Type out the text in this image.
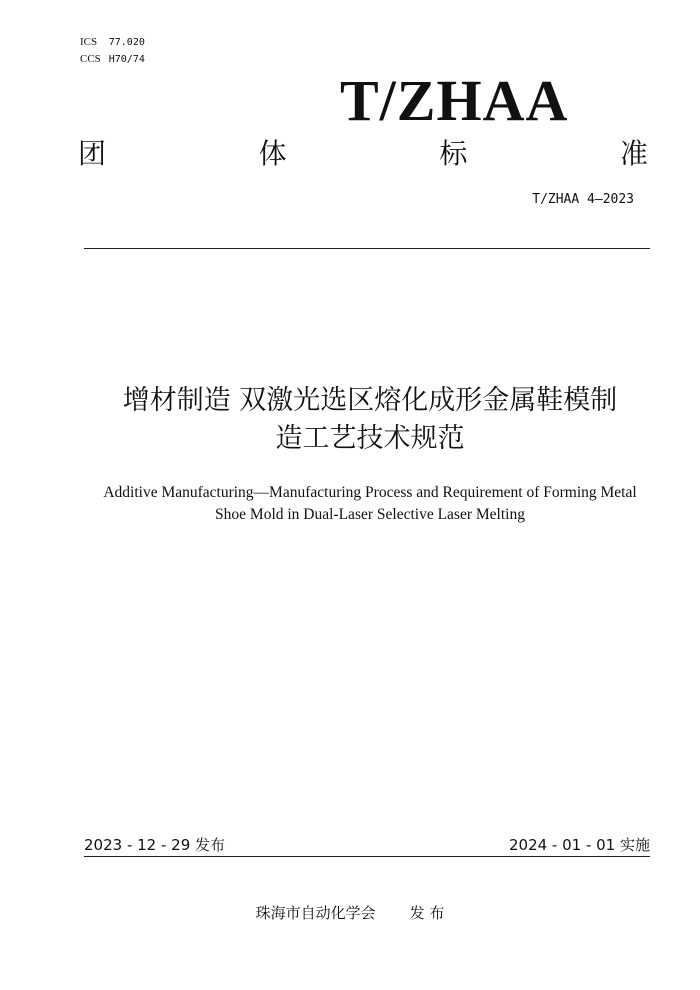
ICS 77.020
CCS H70/74
T/ZHAA
团	体	标	准
T/ZHAA 4—2023
增材制造 双激光选区熔化成形金属鞋模制
造工艺技术规范
Additive Manufacturing—Manufacturing Process and Requirement of Forming Metal
Shoe Mold in Dual-Laser Selective Laser Melting
2023 - 12 - 29 发布	2024 - 01 - 01 实施
珠海市自动化学会 发 布
